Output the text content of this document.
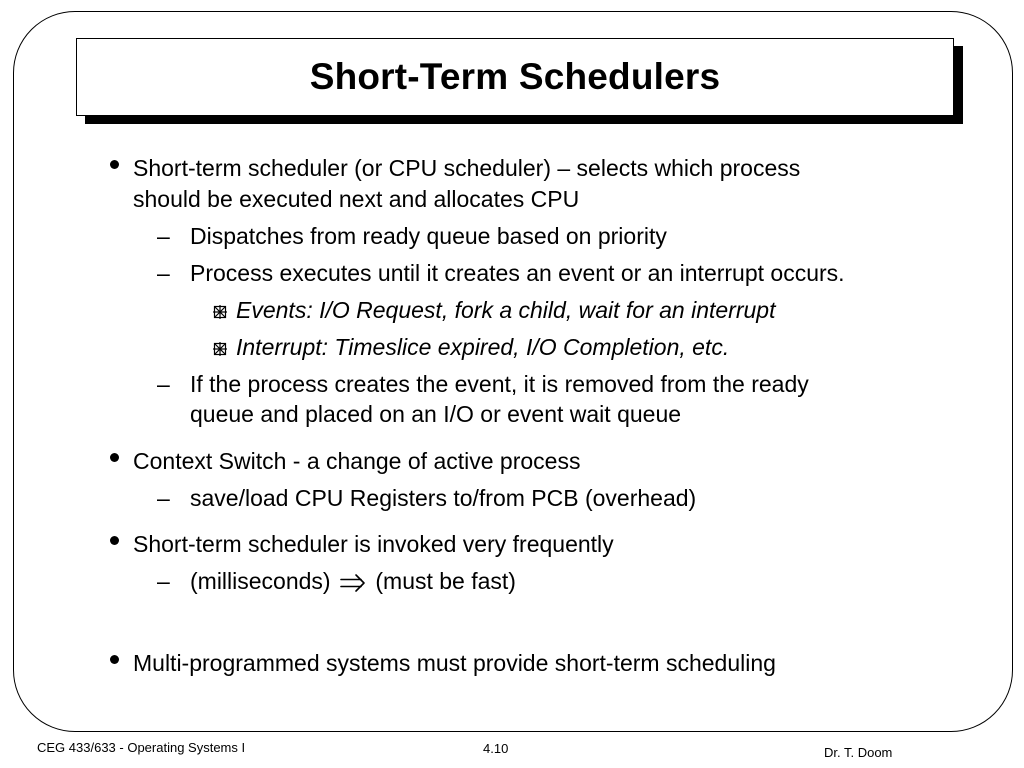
Short-Term Schedulers
Short-term scheduler (or CPU scheduler) – selects which process
should be executed next and allocates CPU
– Dispatches from ready queue based on priority
– Process executes until it creates an event or an interrupt occurs.
Events: I/O Request, fork a child, wait for an interrupt
Interrupt: Timeslice expired, I/O Completion, etc.
– If the process creates the event, it is removed from the ready
queue and placed on an I/O or event wait queue
Context Switch - a change of active process
– save/load CPU Registers to/from PCB (overhead)
Short-term scheduler is invoked very frequently
– (milliseconds) (must be fast)
Multi-programmed systems must provide short-term scheduling
CEG 433/633 - Operating Systems I	4.10	Dr. T. Doom
